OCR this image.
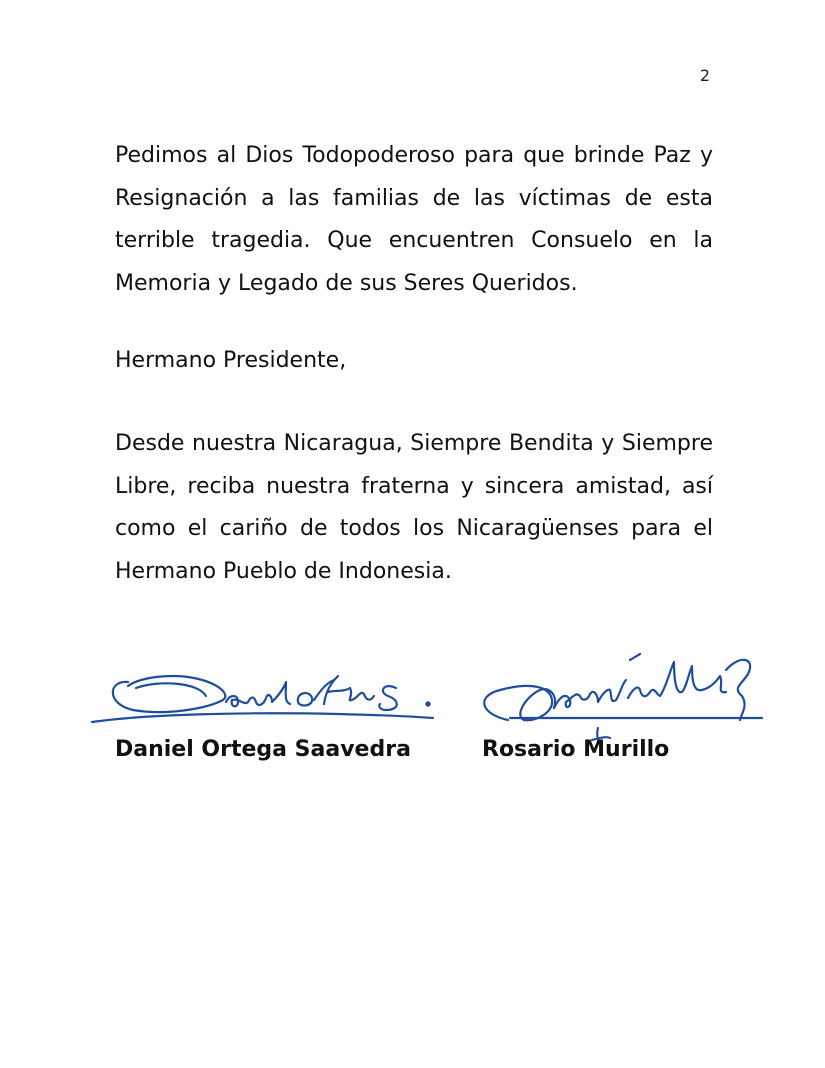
2

Pedimos al Dios Todopoderoso para que brinde Paz y Resignación a las familias de las víctimas de esta terrible tragedia. Que encuentren Consuelo en la Memoria y Legado de sus Seres Queridos.

Hermano Presidente,

Desde nuestra Nicaragua, Siempre Bendita y Siempre Libre, reciba nuestra fraterna y sincera amistad, así como el cariño de todos los Nicaragüenses para el Hermano Pueblo de Indonesia.

Daniel Ortega Saavedra	Rosario Murillo
